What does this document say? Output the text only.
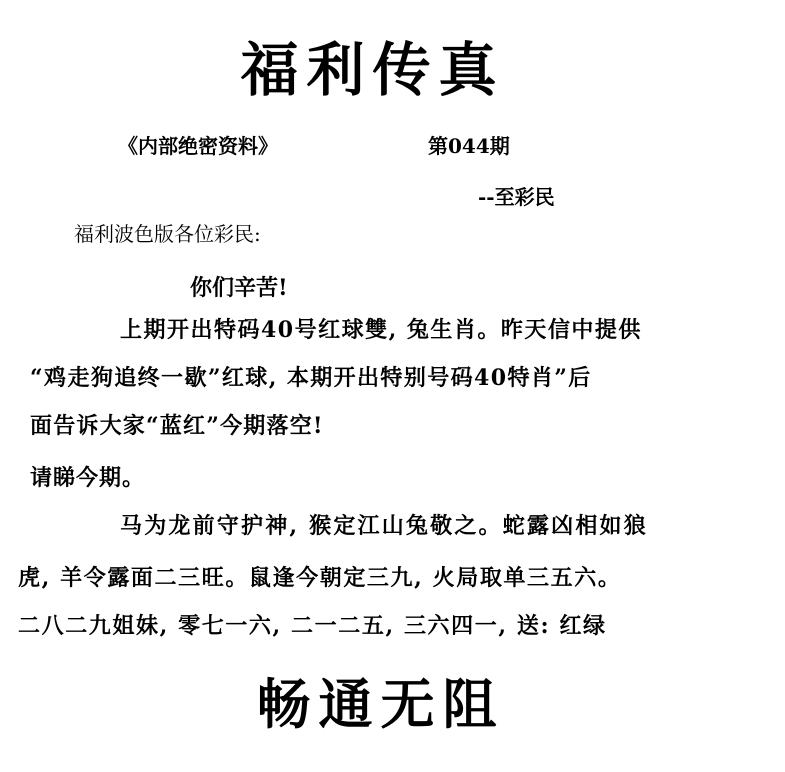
福利传真
《内部绝密资料》	第044期
--至彩民
福利波色版各位彩民:
你们辛苦!
上期开出特码40号红球雙, 兔生肖。昨天信中提供
“鸡走狗追终一歇”红球, 本期开出特别号码40特肖”后
面告诉大家“蓝红”今期落空!
请睇今期。
马为龙前守护神, 猴定江山兔敬之。蛇露凶相如狼
虎, 羊令露面二三旺。鼠逢今朝定三九, 火局取单三五六。
二八二九姐妹, 零七一六, 二一二五, 三六四一, 送: 红绿
畅通无阻
